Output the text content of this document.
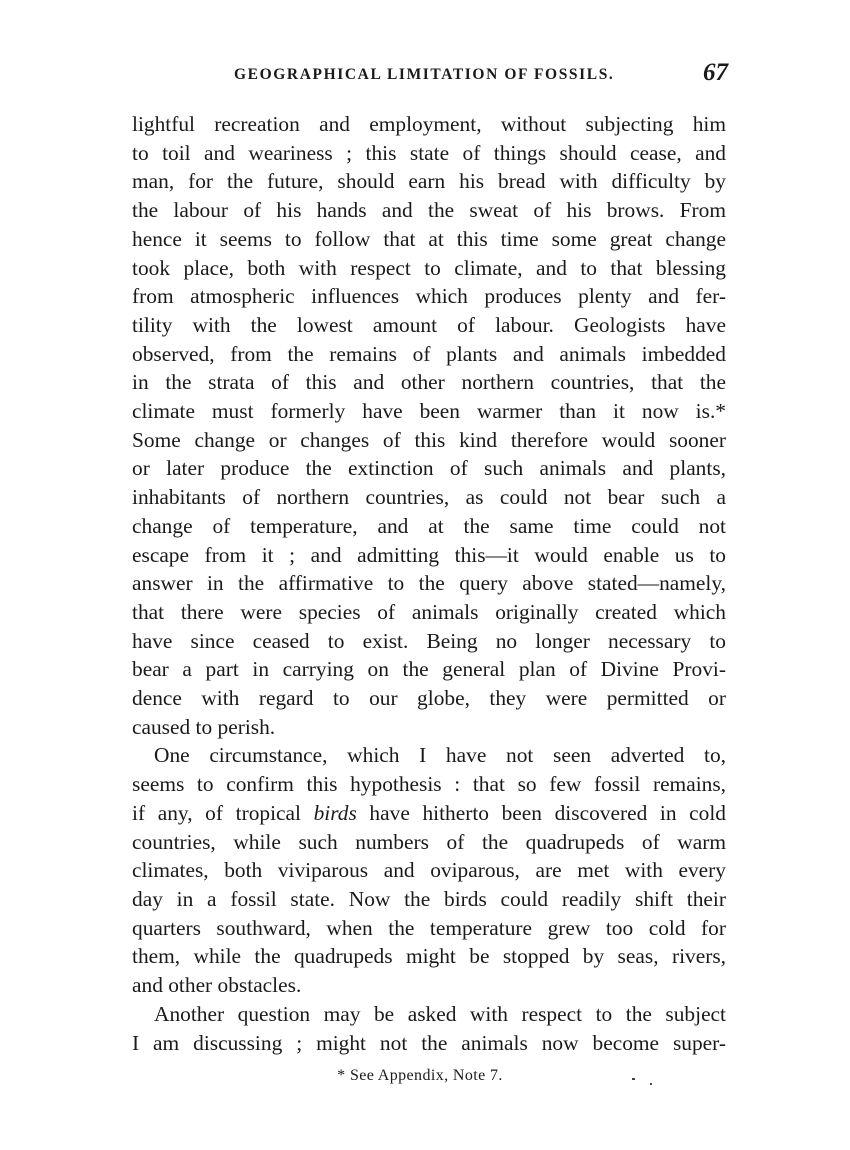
GEOGRAPHICAL LIMITATION OF FOSSILS.	67
lightful recreation and employment, without subjecting him
to toil and weariness ; this state of things should cease, and
man, for the future, should earn his bread with difficulty by
the labour of his hands and the sweat of his brows. From
hence it seems to follow that at this time some great change
took place, both with respect to climate, and to that blessing
from atmospheric influences which produces plenty and fer-
tility with the lowest amount of labour. Geologists have
observed, from the remains of plants and animals imbedded
in the strata of this and other northern countries, that the
climate must formerly have been warmer than it now is.*
Some change or changes of this kind therefore would sooner
or later produce the extinction of such animals and plants,
inhabitants of northern countries, as could not bear such a
change of temperature, and at the same time could not
escape from it ; and admitting this—it would enable us to
answer in the affirmative to the query above stated—namely,
that there were species of animals originally created which
have since ceased to exist. Being no longer necessary to
bear a part in carrying on the general plan of Divine Provi-
dence with regard to our globe, they were permitted or
caused to perish.
One circumstance, which I have not seen adverted to,
seems to confirm this hypothesis : that so few fossil remains,
if any, of tropical birds have hitherto been discovered in cold
countries, while such numbers of the quadrupeds of warm
climates, both viviparous and oviparous, are met with every
day in a fossil state. Now the birds could readily shift their
quarters southward, when the temperature grew too cold for
them, while the quadrupeds might be stopped by seas, rivers,
and other obstacles.
Another question may be asked with respect to the subject
I am discussing ; might not the animals now become super-
* See Appendix, Note 7.
